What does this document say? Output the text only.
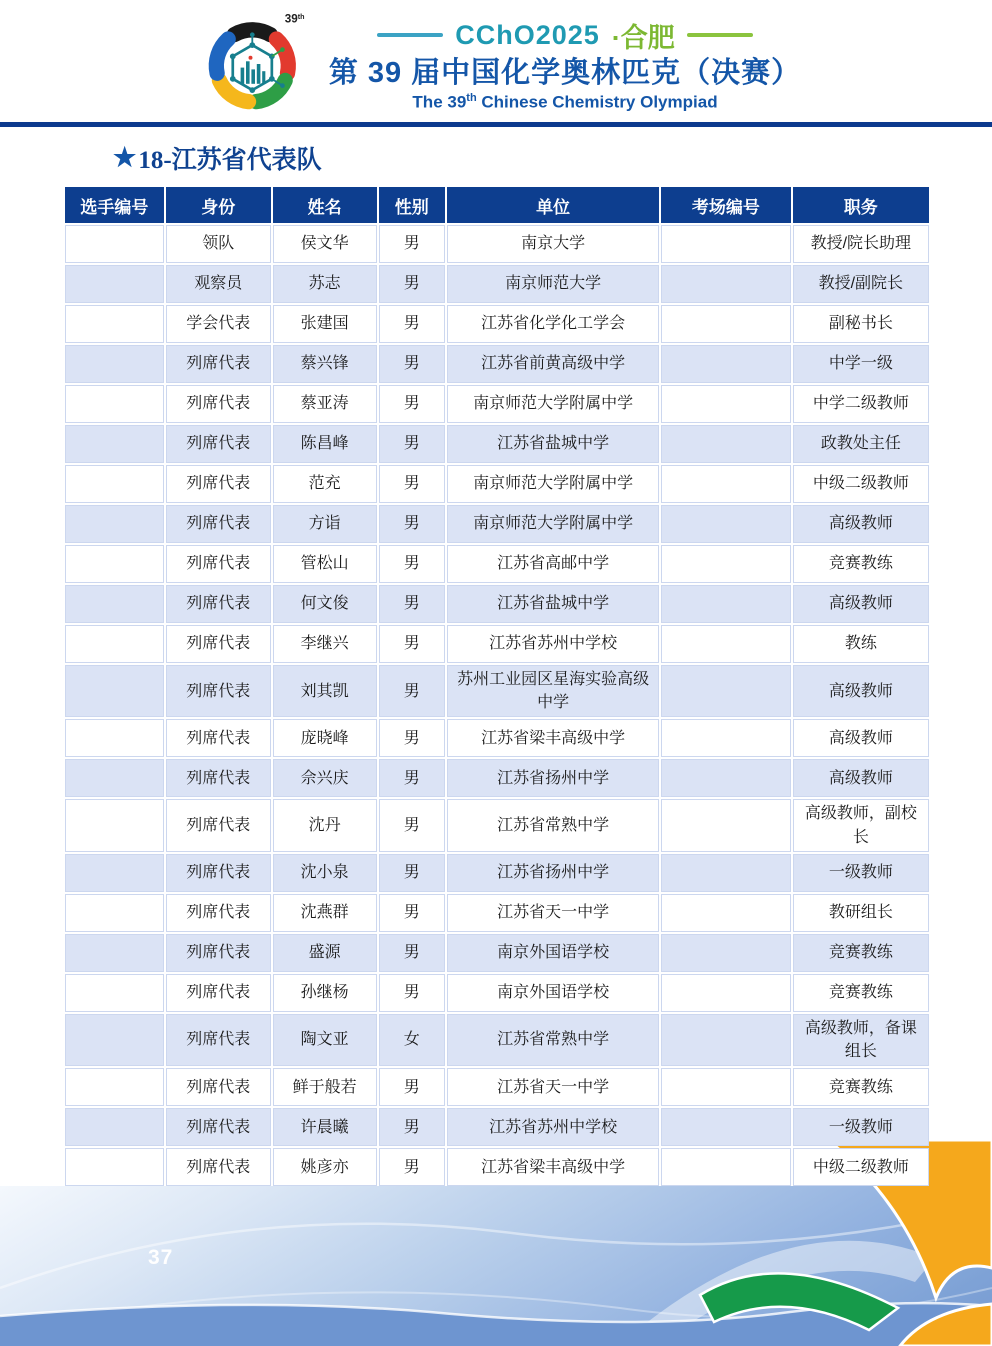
39th
CChO2025 ·合肥
第 39 届中国化学奥林匹克（决赛）
The 39th Chinese Chemistry Olympiad
★ 18-江苏省代表队
选手编号	身份	姓名	性别	单位	考场编号	职务
	领队	侯文华	男	南京大学		教授/院长助理
	观察员	苏志	男	南京师范大学		教授/副院长
	学会代表	张建国	男	江苏省化学化工学会		副秘书长
	列席代表	蔡兴锋	男	江苏省前黄高级中学		中学一级
	列席代表	蔡亚涛	男	南京师范大学附属中学		中学二级教师
	列席代表	陈昌峰	男	江苏省盐城中学		政教处主任
	列席代表	范充	男	南京师范大学附属中学		中级二级教师
	列席代表	方诣	男	南京师范大学附属中学		高级教师
	列席代表	管松山	男	江苏省高邮中学		竞赛教练
	列席代表	何文俊	男	江苏省盐城中学		高级教师
	列席代表	李继兴	男	江苏省苏州中学校		教练
	列席代表	刘其凯	男	苏州工业园区星海实验高级中学		高级教师
	列席代表	庞晓峰	男	江苏省梁丰高级中学		高级教师
	列席代表	佘兴庆	男	江苏省扬州中学		高级教师
	列席代表	沈丹	男	江苏省常熟中学		高级教师，副校长
	列席代表	沈小泉	男	江苏省扬州中学		一级教师
	列席代表	沈燕群	男	江苏省天一中学		教研组长
	列席代表	盛源	男	南京外国语学校		竞赛教练
	列席代表	孙继杨	男	南京外国语学校		竞赛教练
	列席代表	陶文亚	女	江苏省常熟中学		高级教师，备课组长
	列席代表	鲜于般若	男	江苏省天一中学		竞赛教练
	列席代表	许晨曦	男	江苏省苏州中学校		一级教师
	列席代表	姚彦亦	男	江苏省梁丰高级中学		中级二级教师
37
